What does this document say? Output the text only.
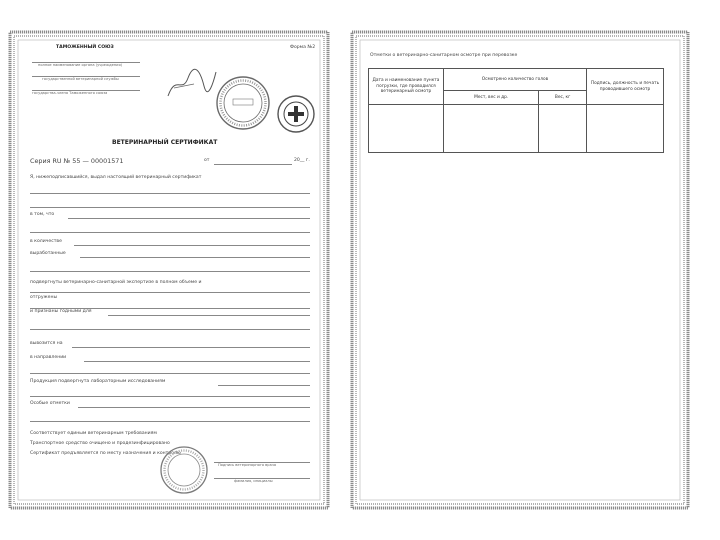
ТАМОЖЕННЫЙ СОЮЗ	Форма №2
полное наименование органа (учреждения)
государственной ветеринарной службы
государства-члена Таможенного союза
ВЕТЕРИНАРНЫЙ СЕРТИФИКАТ
Серия RU № 55 — 00001571	от	20__ г.
Я, нижеподписавшийся, выдал настоящий ветеринарный сертификат
в том, что
в количестве
выработанные
подвергнуты ветеринарно-санитарной экспертизе в полном объеме и
отгружены
и признаны годными для
вывозится на
в направлении
Продукция подвергнута лабораторным исследованиям
Особые отметки
Соответствует единым ветеринарным требованиям
Транспортное средство очищено и продезинфицировано
Сертификат предъявляется по месту назначения и контролю
Подпись ветеринарного врача
фамилия, инициалы
Отметки о ветеринарно-санитарном осмотре при перевозке
Дата и наименование пункта погрузки, где проводился ветеринарный осмотр	Осмотрено количество голов		Подпись, должность и печать проводившего осмотр
	Мест, вес и др.	Вес, кг	
